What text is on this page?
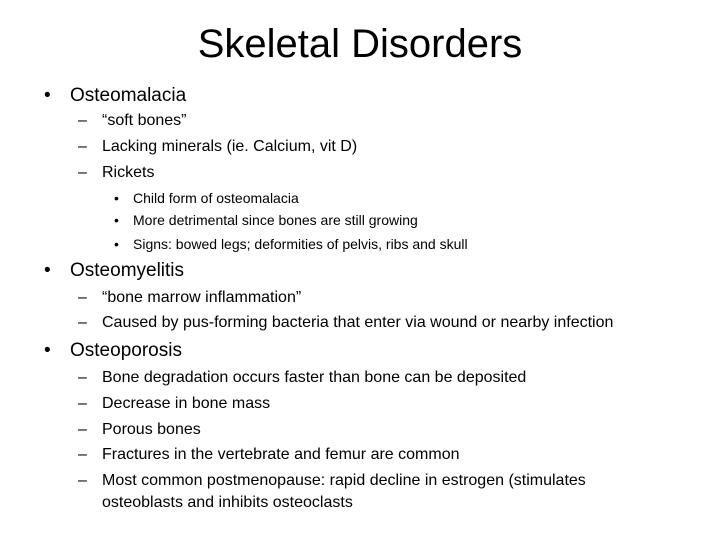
Skeletal Disorders
• Osteomalacia
– “soft bones”
– Lacking minerals (ie. Calcium, vit D)
– Rickets
• Child form of osteomalacia
• More detrimental since bones are still growing
• Signs: bowed legs; deformities of pelvis, ribs and skull
• Osteomyelitis
– “bone marrow inflammation”
– Caused by pus-forming bacteria that enter via wound or nearby infection
• Osteoporosis
– Bone degradation occurs faster than bone can be deposited
– Decrease in bone mass
– Porous bones
– Fractures in the vertebrate and femur are common
– Most common postmenopause: rapid decline in estrogen (stimulates
osteoblasts and inhibits osteoclasts
